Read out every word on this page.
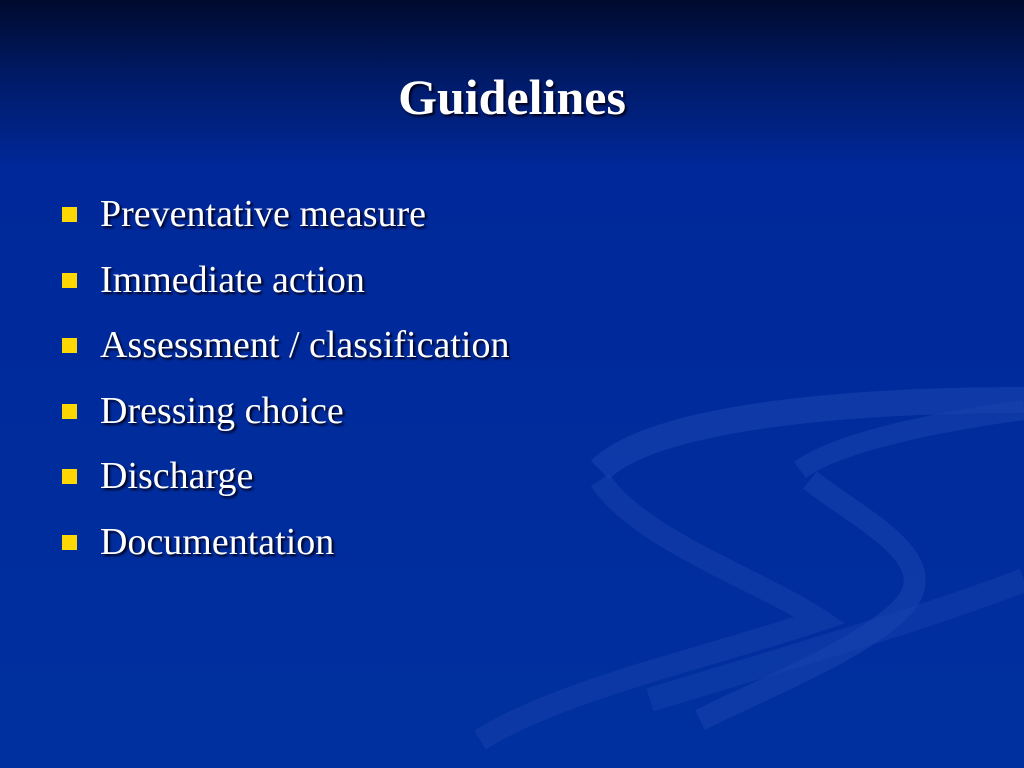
Guidelines
Preventative measure
Immediate action
Assessment / classification
Dressing choice
Discharge
Documentation
